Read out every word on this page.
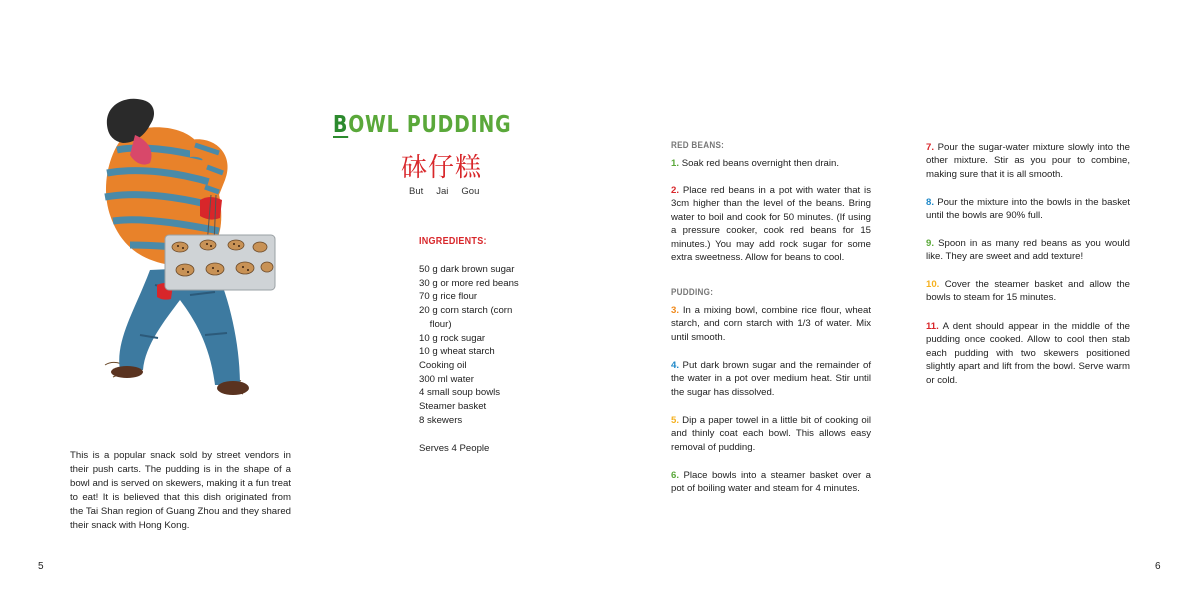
This is a popular snack sold by street vendors in their push carts. The pudding is in the shape of a bowl and is served on skewers, making it a fun treat to eat! It is believed that this dish originated from the Tai Shan region of Guang Zhou and they shared their snack with Hong Kong.
5
BOWL PUDDING
砵仔糕
But Jai Gou
INGREDIENTS:
50 g dark brown sugar
30 g or more red beans
70 g rice flour
20 g corn starch (corn
flour)
10 g rock sugar
10 g wheat starch
Cooking oil
300 ml water
4 small soup bowls
Steamer basket
8 skewers
Serves 4 People
RED BEANS:
1. Soak red beans overnight then drain.
2. Place red beans in a pot with water that is 3cm higher than the level of the beans. Bring water to boil and cook for 50 minutes. (If using a pressure cooker, cook red beans for 15 minutes.) You may add rock sugar for some extra sweetness. Allow for beans to cool.
3. In a mixing bowl, combine rice flour, wheat starch, and corn starch with 1/3 of water. Mix until smooth.
4. Put dark brown sugar and the remainder of the water in a pot over medium heat. Stir until the sugar has dissolved.
5. Dip a paper towel in a little bit of cooking oil and thinly coat each bowl. This allows easy removal of pudding.
6. Place bowls into a steamer basket over a pot of boiling water and steam for 4 minutes.
PUDDING:
7. Pour the sugar-water mixture slowly into the other mixture. Stir as you pour to combine, making sure that it is all smooth.
8. Pour the mixture into the bowls in the basket until the bowls are 90% full.
9. Spoon in as many red beans as you would like. They are sweet and add texture!
10. Cover the steamer basket and allow the bowls to steam for 15 minutes.
11. A dent should appear in the middle of the pudding once cooked. Allow to cool then stab each pudding with two skewers positioned slightly apart and lift from the bowl. Serve warm or cold.
6
